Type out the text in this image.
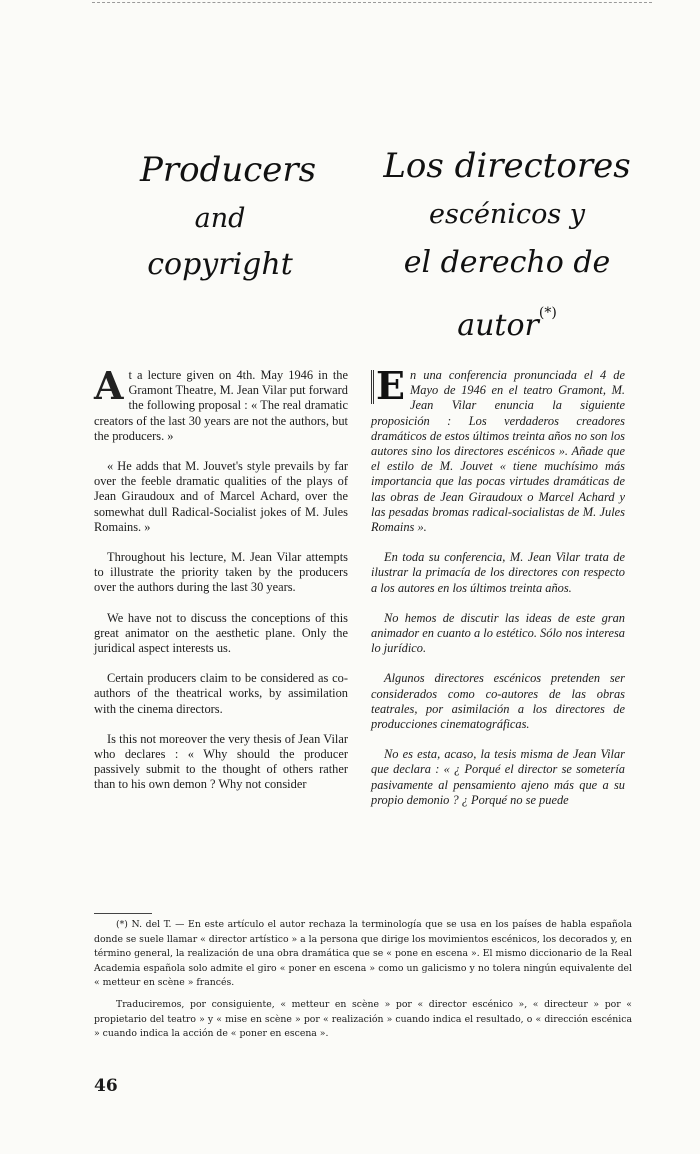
Producers
and
copyright
Los directores
escénicos y
el derecho de autor(*)

At a lecture given on 4th. May 1946 in the Gramont Theatre, M. Jean Vilar put forward the following proposal : « The real dramatic creators of the last 30 years are not the authors, but the producers. »

« He adds that M. Jouvet's style prevails by far over the feeble dramatic qualities of the plays of Jean Giraudoux and of Marcel Achard, over the somewhat dull Radical-Socialist jokes of M. Jules Romains. »

Throughout his lecture, M. Jean Vilar attempts to illustrate the priority taken by the producers over the authors during the last 30 years.

We have not to discuss the conceptions of this great animator on the aesthetic plane. Only the juridical aspect interests us.

Certain producers claim to be considered as co-authors of the theatrical works, by assimilation with the cinema directors.

Is this not moreover the very thesis of Jean Vilar who declares : « Why should the producer passively submit to the thought of others rather than to his own demon ? Why not consider

E n una conferencia pronunciada el 4 de Mayo de 1946 en el teatro Gramont, M. Jean Vilar enuncia la siguiente proposición : Los verdaderos creadores dramáticos de estos últimos treinta años no son los autores sino los directores escénicos ». Añade que el estilo de M. Jouvet « tiene muchísimo más importancia que las pocas virtudes dramáticas de las obras de Jean Giraudoux o Marcel Achard y las pesadas bromas radical-socialistas de M. Jules Romains ».

En toda su conferencia, M. Jean Vilar trata de ilustrar la primacía de los directores con respecto a los autores en los últimos treinta años.

No hemos de discutir las ideas de este gran animador en cuanto a lo estético. Sólo nos interesa lo jurídico.

Algunos directores escénicos pretenden ser considerados como co-autores de las obras teatrales, por asimilación a los directores de producciones cinematográficas.

No es esta, acaso, la tesis misma de Jean Vilar que declara : « ¿ Porqué el director se sometería pasivamente al pensamiento ajeno más que a su propio demonio ? ¿ Porqué no se puede

(*) N. del T. — En este artículo el autor rechaza la terminología que se usa en los países de habla española donde se suele llamar « director artístico » a la persona que dirige los movimientos escénicos, los decorados y, en término general, la realización de una obra dramática que se « pone en escena ». El mismo diccionario de la Real Academia española solo admite el giro « poner en escena » como un galicismo y no tolera ningún equivalente del « metteur en scène » francés.

Traduciremos, por consiguiente, « metteur en scène » por « director escénico », « directeur » por « propietario del teatro » y « mise en scène » por « realización » cuando indica el resultado, o « dirección escénica » cuando indica la acción de « poner en escena ».

46
